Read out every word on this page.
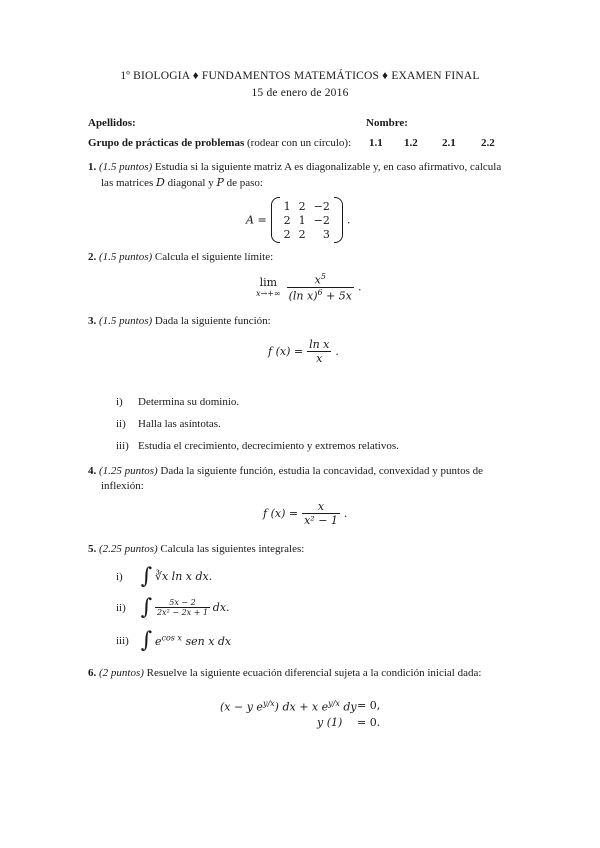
1º BIOLOGIA ♦ FUNDAMENTOS MATEMÁTICOS ♦ EXAMEN FINAL
15 de enero de 2016
Apellidos:	Nombre:
Grupo de prácticas de problemas (rodear con un círculo): 1.1 1.2 2.1 2.2
1. (1.5 puntos) Estudia si la siguiente matriz A es diagonalizable y, en caso afirmativo, calcula
las matrices D diagonal y P de paso:
A =
1	2	−2
2	1	−2
2	2	3
.
2. (1.5 puntos) Calcula el siguiente límite:
lim
x→+∞
$\frac{x^5}{(\ln x)^6 + 5x}$ .
3. (1.5 puntos) Dada la siguiente función:
f $(x) = \frac{\text{ln x}}{x}$ .
i) Determina su dominio.
ii) Halla las asíntotas.
iii) Estudia el crecimiento, decrecimiento y extremos relativos.
4. (1.25 puntos) Dada la siguiente función, estudia la concavidad, convexidad y puntos de
inflexión:
f $(x) = \frac{x}{\text{x² − 1}}$ .
5. (2.25 puntos) Calcula las siguientes integrales:
i) ∫ ∛x ln x dx.
ii) ∫ $\frac{5x - 2}{\text{2x² − 2x + 1}}$ dx.
iii) ∫ $e^{cos x}$ sen x dx
6. (2 puntos) Resuelve la siguiente ecuación diferencial sujeta a la condición inicial dada:
(x − y $e^{y/x}$) dx + x $e^{y/x}$ dy = 0,
y (1) = 0.
